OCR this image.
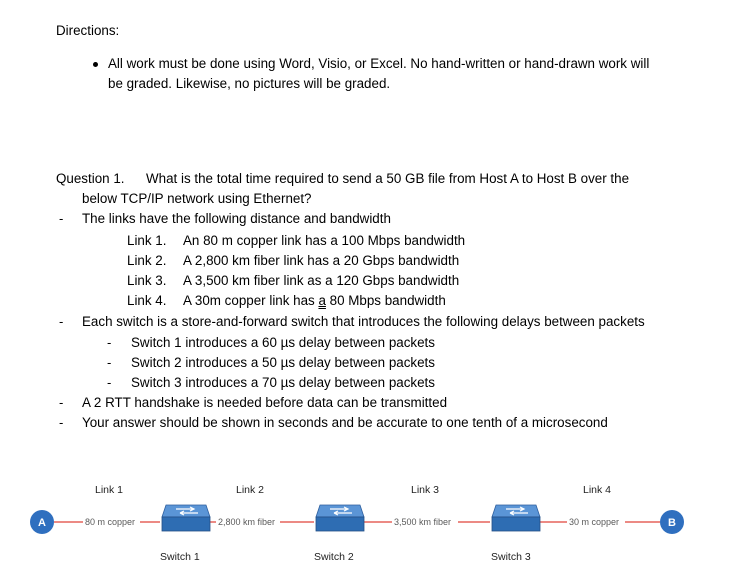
Directions:
All work must be done using Word, Visio, or Excel. No hand-written or hand-drawn work will
be graded. Likewise, no pictures will be graded.
Question 1. What is the total time required to send a 50 GB file from Host A to Host B over the
below TCP/IP network using Ethernet?
- The links have the following distance and bandwidth
Link 1. An 80 m copper link has a 100 Mbps bandwidth
Link 2. A 2,800 km fiber link has a 20 Gbps bandwidth
Link 3. A 3,500 km fiber link as a 120 Gbps bandwidth
Link 4. A 30m copper link has a 80 Mbps bandwidth
- Each switch is a store-and-forward switch that introduces the following delays between packets
- Switch 1 introduces a 60 µs delay between packets
- Switch 2 introduces a 50 µs delay between packets
- Switch 3 introduces a 70 µs delay between packets
- A 2 RTT handshake is needed before data can be transmitted
- Your answer should be shown in seconds and be accurate to one tenth of a microsecond
Link 1	Link 2	Link 3	Link 4
80 m copper	2,800 km fiber	3,500 km fiber	30 m copper
A	B
Switch 1	Switch 2	Switch 3
